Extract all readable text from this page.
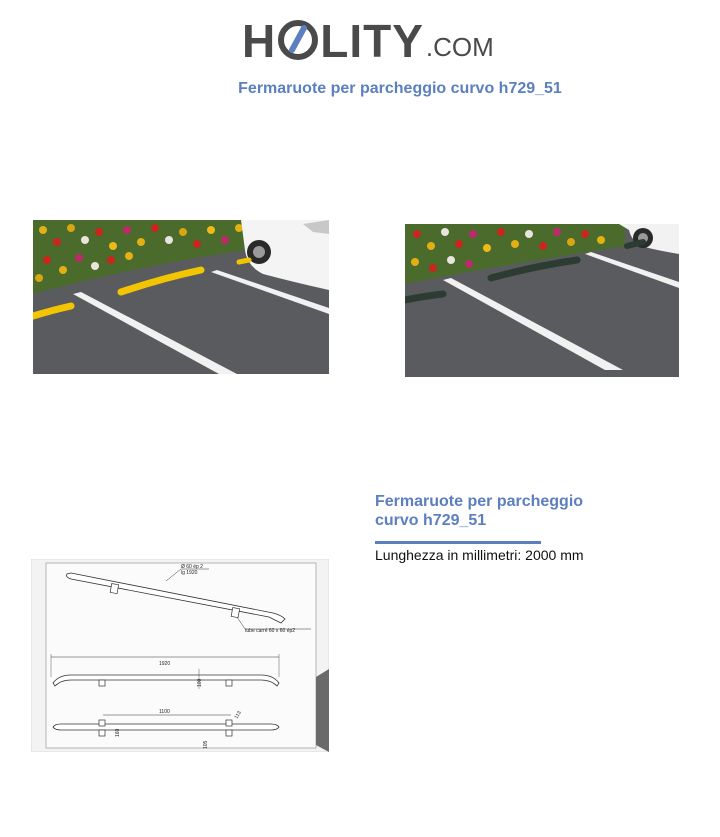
H LITY .COM
Fermaruote per parcheggio curvo h729_51
Ø 60 ép 2
lg 1920
tube carré 60 x 60 ép2
1920
100
1100	113
160
105
Fermaruote per parcheggio curvo h729_51
Lunghezza in millimetri: 2000 mm
